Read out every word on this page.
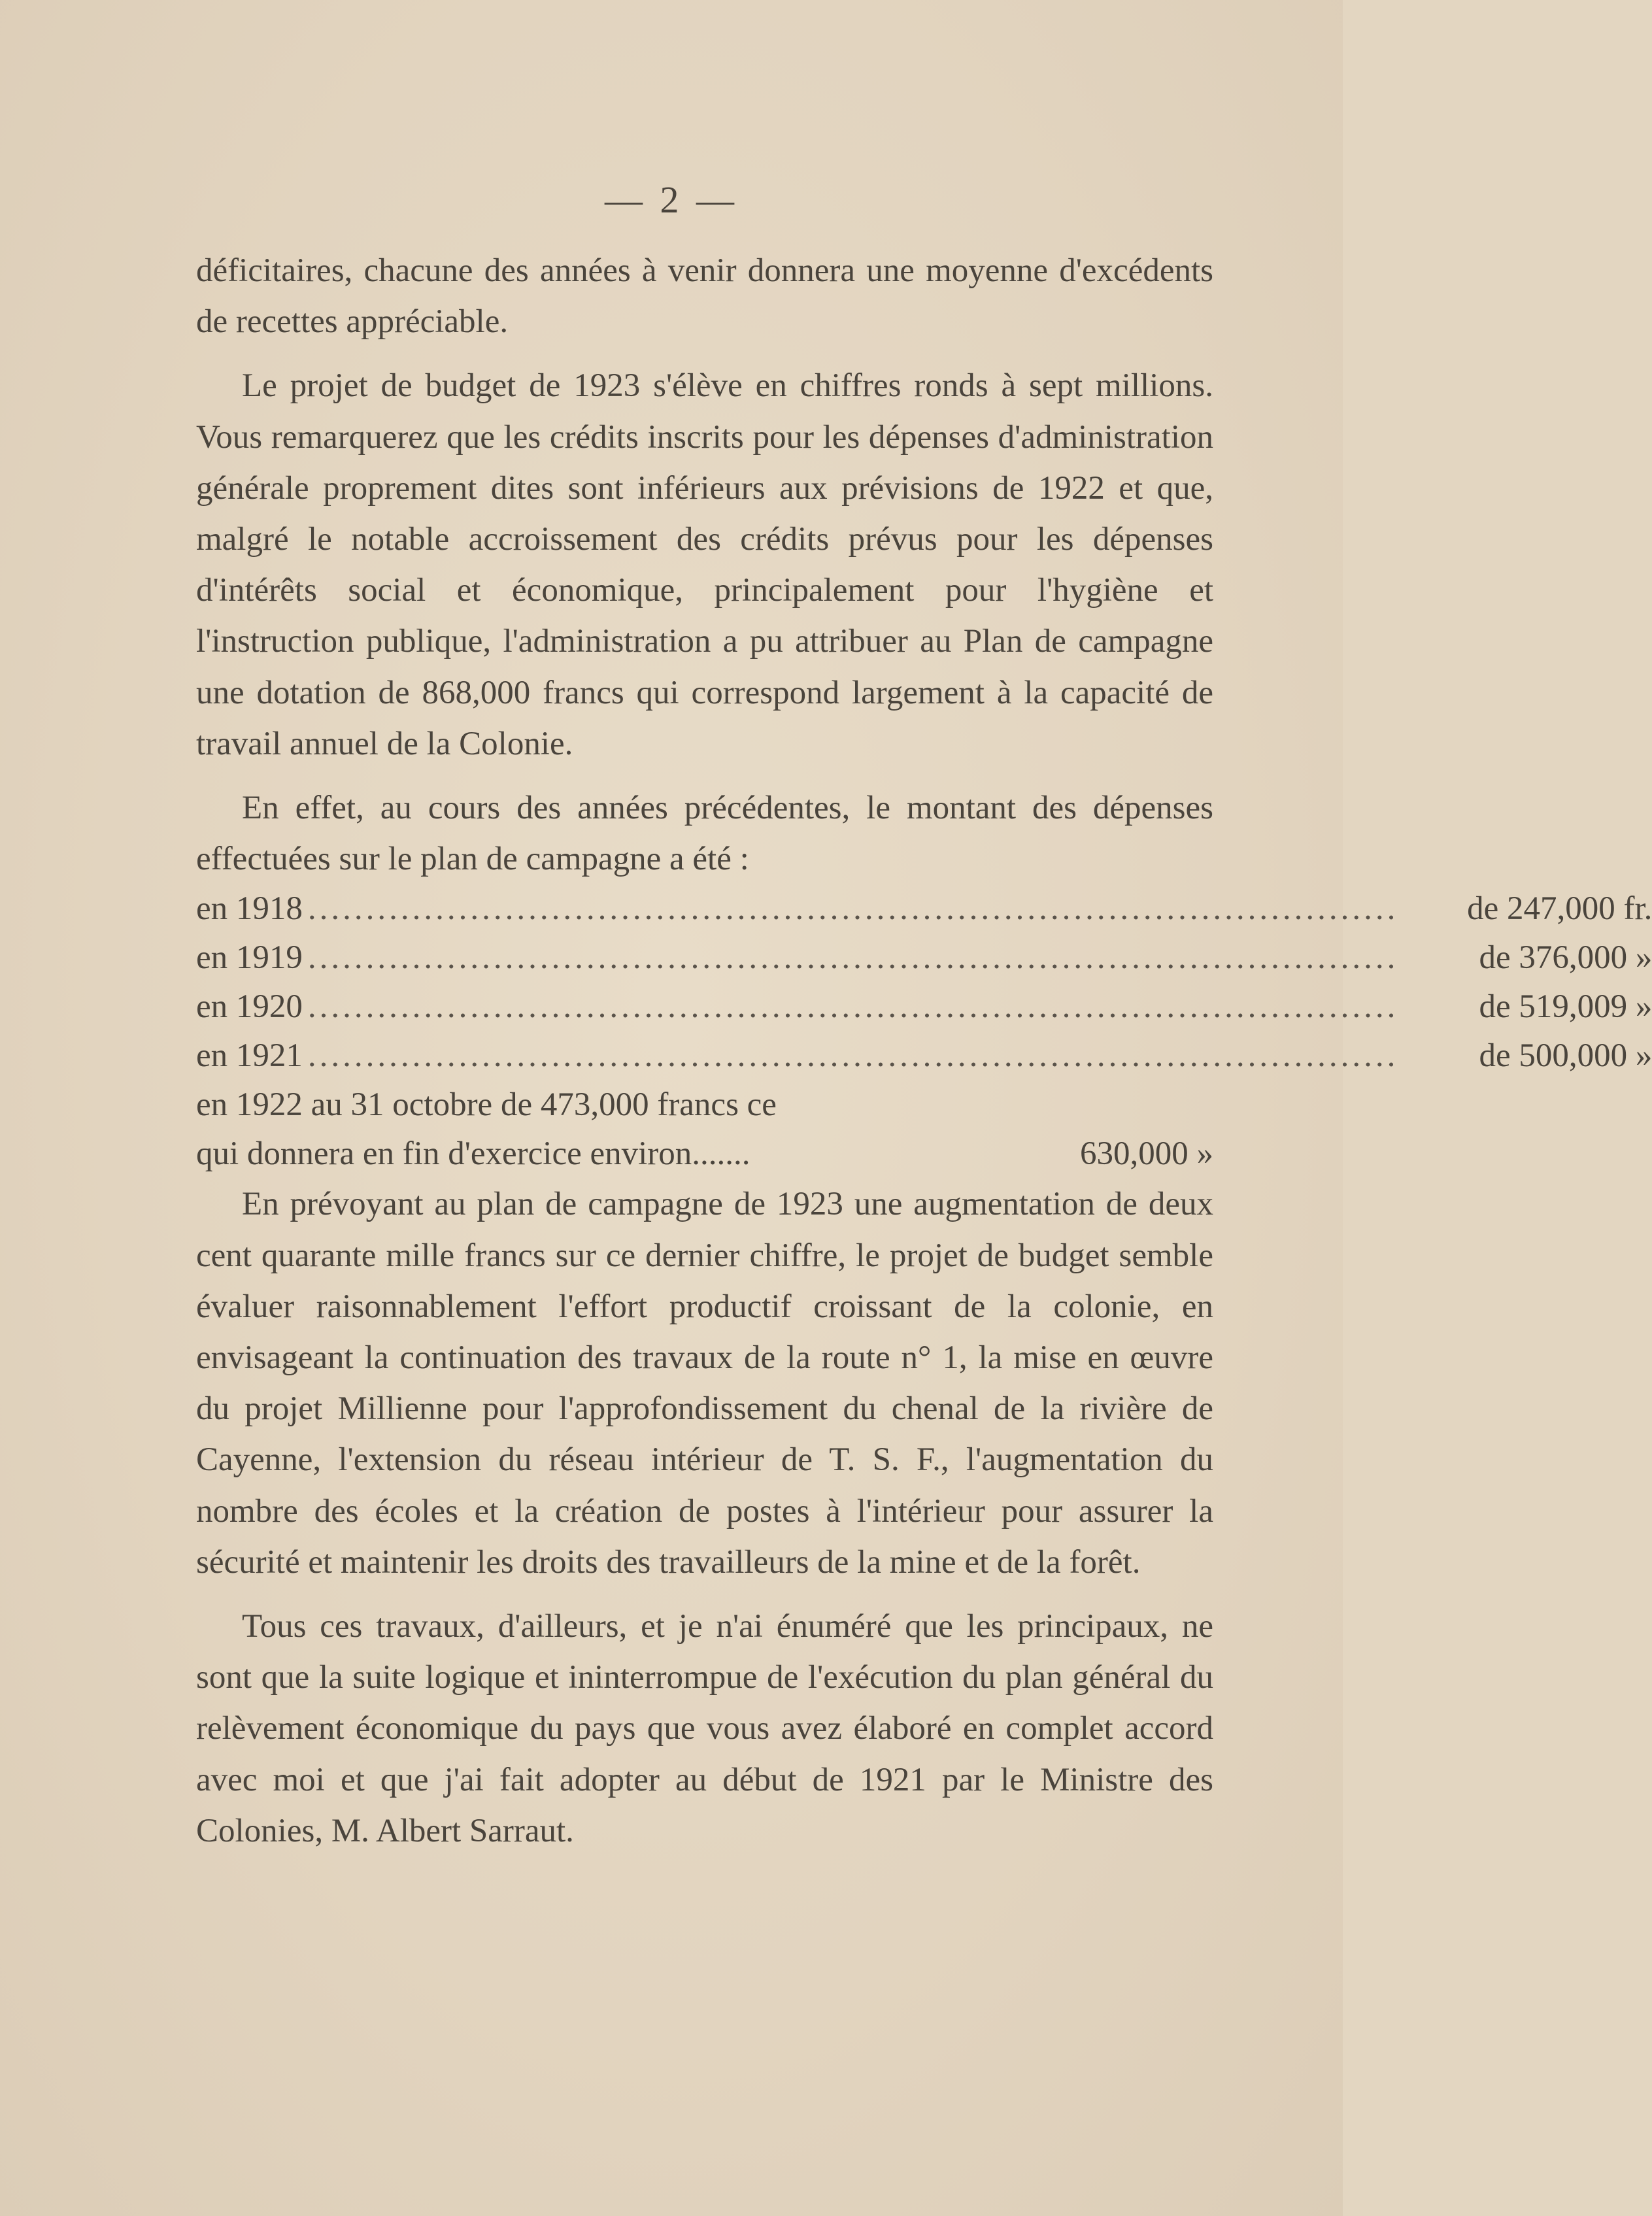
— 2 —

déficitaires, chacune des années à venir donnera une moyenne d'excédents de recettes appréciable.

Le projet de budget de 1923 s'élève en chiffres ronds à sept millions. Vous remarquerez que les crédits inscrits pour les dépenses d'administration générale proprement dites sont inférieurs aux prévisions de 1922 et que, malgré le notable accroissement des crédits prévus pour les dépenses d'intérêts social et économique, principalement pour l'hygiène et l'instruction publique, l'administration a pu attribuer au Plan de campagne une dotation de 868,000 francs qui correspond largement à la capacité de travail annuel de la Colonie.

En effet, au cours des années précédentes, le montant des dépenses effectuées sur le plan de campagne a été :

en 1918 ..............................................................................................	de 247,000 fr.
en 1919 ..............................................................................................	de 376,000 »
en 1920 ..............................................................................................	de 519,009 »
en 1921 ..............................................................................................	de 500,000 »
en 1922 au 31 octobre de 473,000 francs ce
qui donnera en fin d'exercice environ.......	630,000 »

En prévoyant au plan de campagne de 1923 une augmentation de deux cent quarante mille francs sur ce dernier chiffre, le projet de budget semble évaluer raisonnablement l'effort productif croissant de la colonie, en envisageant la continuation des travaux de la route n° 1, la mise en œuvre du projet Millienne pour l'approfondissement du chenal de la rivière de Cayenne, l'extension du réseau intérieur de T. S. F., l'augmentation du nombre des écoles et la création de postes à l'intérieur pour assurer la sécurité et maintenir les droits des travailleurs de la mine et de la forêt.

Tous ces travaux, d'ailleurs, et je n'ai énuméré que les principaux, ne sont que la suite logique et ininterrompue de l'exécution du plan général du relèvement économique du pays que vous avez élaboré en complet accord avec moi et que j'ai fait adopter au début de 1921 par le Ministre des Colonies, M. Albert Sarraut.
